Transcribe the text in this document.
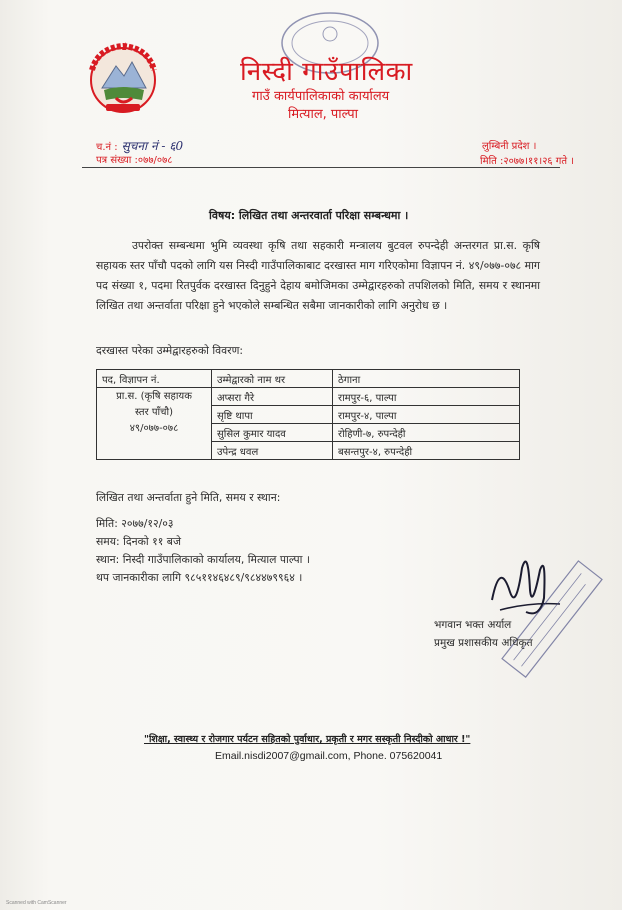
निस्दी गाउँपालिका
गाउँ कार्यपालिकाको कार्यालय
मित्याल, पाल्पा
च.नं : सुचना नं - ६0
पत्र संख्या :०७७/०७८
लुम्बिनी प्रदेश ।
मिति :२०७७।११।२६ गते ।
विषय: लिखित तथा अन्तरवार्ता परिक्षा सम्बन्धमा ।

उपरोक्त सम्बन्धमा भुमि व्यवस्था कृषि तथा सहकारी मन्त्रालय बुटवल रुपन्देही अन्तरगत प्रा.स. कृषि सहायक स्तर पाँचौ पदको लागि यस निस्दी गाउँपालिकाबाट दरखास्त माग गरिएकोमा विज्ञापन नं. ४९/०७७-०७८ माग पद संख्या १, पदमा रितपुर्वक दरखास्त दिनुहुने देहाय बमोजिमका उम्मेद्वारहरुको तपशिलको मिति, समय र स्थानमा लिखित तथा अन्तर्वाता परिक्षा हुने भएकोले सम्बन्धित सबैमा जानकारीको लागि अनुरोध छ ।

दरखास्त परेका उम्मेद्वारहरुको विवरण:
पद, विज्ञापन नं.	उम्मेद्वारको नाम थर	ठेगाना

प्रा.स. (कृषि सहायक
स्तर पाँचौ)
४९/०७७-०७८	अप्सरा गैरे	रामपुर-६, पाल्पा
	सृष्टि थापा	रामपुर-४, पाल्पा
	सुसिल कुमार यादव	रोहिणी-७, रुपन्देही
	उपेन्द्र धवल	बसन्तपुर-४, रुपन्देही
लिखित तथा अन्तर्वाता हुने मिति, समय र स्थान:
मिति: २०७७/१२/०३
समय: दिनको ११ बजे
स्थान: निस्दी गाउँपालिकाको कार्यालय, मित्याल पाल्पा ।
थप जानकारीका लागि ९८५११४६४८९/९८४४७९९६४ ।
भगवान भक्त अर्याल
प्रमुख प्रशासकीय अधिकृत
"शिक्षा, स्वास्थ्य र रोजगार पर्यटन सहितको पुर्वाधार, प्रकृती र मगर सस्कृती निस्दीको आधार !"
Email.nisdi2007@gmail.com, Phone. 075620041
Scanned with CamScanner
